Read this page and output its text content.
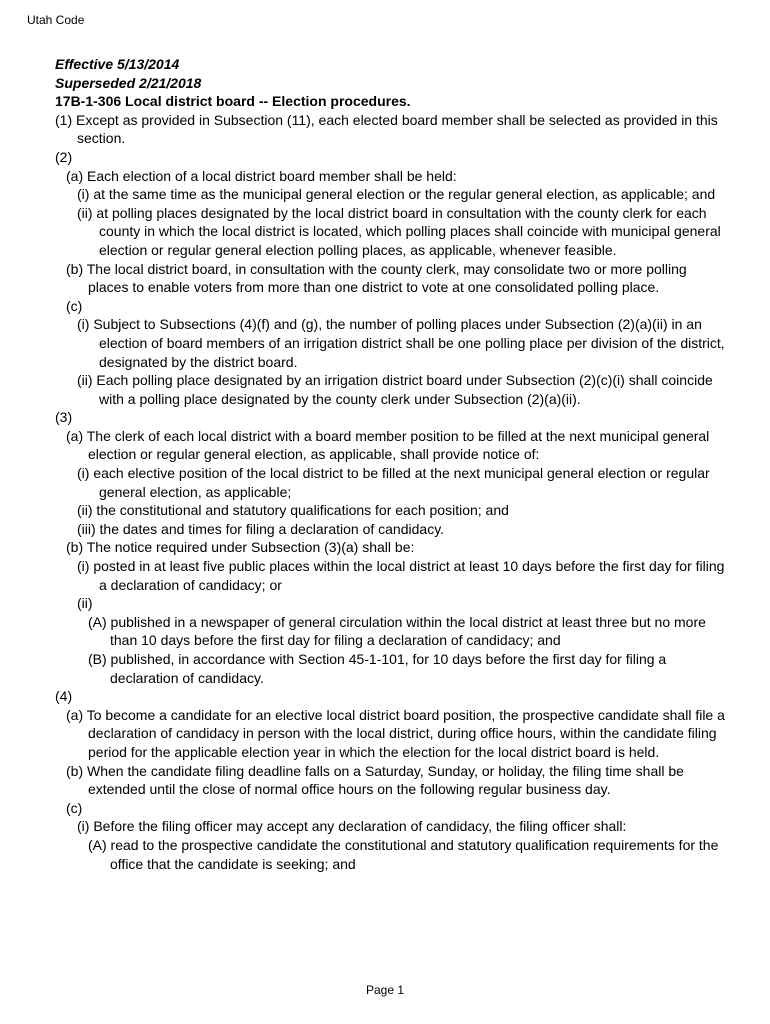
Utah Code
Effective 5/13/2014
Superseded 2/21/2018
17B-1-306 Local district board -- Election procedures.
(1) Except as provided in Subsection (11), each elected board member shall be selected as provided in this section.
(2)
(a) Each election of a local district board member shall be held:
(i) at the same time as the municipal general election or the regular general election, as applicable; and
(ii) at polling places designated by the local district board in consultation with the county clerk for each county in which the local district is located, which polling places shall coincide with municipal general election or regular general election polling places, as applicable, whenever feasible.
(b) The local district board, in consultation with the county clerk, may consolidate two or more polling places to enable voters from more than one district to vote at one consolidated polling place.
(c)
(i) Subject to Subsections (4)(f) and (g), the number of polling places under Subsection (2)(a)(ii) in an election of board members of an irrigation district shall be one polling place per division of the district, designated by the district board.
(ii) Each polling place designated by an irrigation district board under Subsection (2)(c)(i) shall coincide with a polling place designated by the county clerk under Subsection (2)(a)(ii).
(3)
(a) The clerk of each local district with a board member position to be filled at the next municipal general election or regular general election, as applicable, shall provide notice of:
(i) each elective position of the local district to be filled at the next municipal general election or regular general election, as applicable;
(ii) the constitutional and statutory qualifications for each position; and
(iii) the dates and times for filing a declaration of candidacy.
(b) The notice required under Subsection (3)(a) shall be:
(i) posted in at least five public places within the local district at least 10 days before the first day for filing a declaration of candidacy; or
(ii)
(A) published in a newspaper of general circulation within the local district at least three but no more than 10 days before the first day for filing a declaration of candidacy; and
(B) published, in accordance with Section 45-1-101, for 10 days before the first day for filing a declaration of candidacy.
(4)
(a) To become a candidate for an elective local district board position, the prospective candidate shall file a declaration of candidacy in person with the local district, during office hours, within the candidate filing period for the applicable election year in which the election for the local district board is held.
(b) When the candidate filing deadline falls on a Saturday, Sunday, or holiday, the filing time shall be extended until the close of normal office hours on the following regular business day.
(c)
(i) Before the filing officer may accept any declaration of candidacy, the filing officer shall:
(A) read to the prospective candidate the constitutional and statutory qualification requirements for the office that the candidate is seeking; and
Page 1
